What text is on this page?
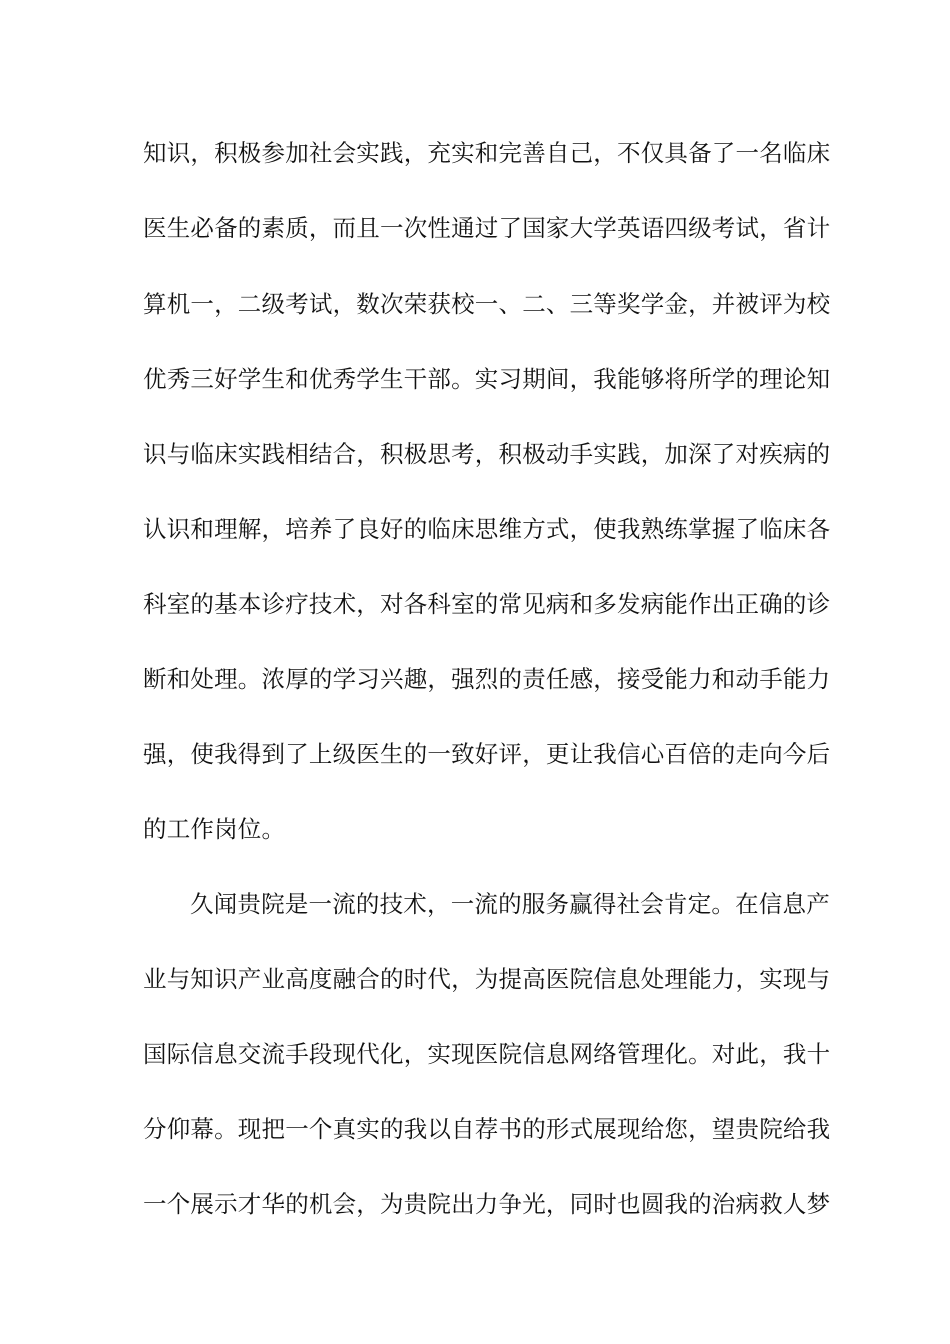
知识，积极参加社会实践，充实和完善自己，不仅具备了一名临床
医生必备的素质，而且一次性通过了国家大学英语四级考试，省计
算机一，二级考试，数次荣获校一、二、三等奖学金，并被评为校
优秀三好学生和优秀学生干部。实习期间，我能够将所学的理论知
识与临床实践相结合，积极思考，积极动手实践，加深了对疾病的
认识和理解，培养了良好的临床思维方式，使我熟练掌握了临床各
科室的基本诊疗技术，对各科室的常见病和多发病能作出正确的诊
断和处理。浓厚的学习兴趣，强烈的责任感，接受能力和动手能力
强，使我得到了上级医生的一致好评，更让我信心百倍的走向今后
的工作岗位。
久闻贵院是一流的技术，一流的服务赢得社会肯定。在信息产
业与知识产业高度融合的时代，为提高医院信息处理能力，实现与
国际信息交流手段现代化，实现医院信息网络管理化。对此，我十
分仰幕。现把一个真实的我以自荐书的形式展现给您，望贵院给我
一个展示才华的机会，为贵院出力争光，同时也圆我的治病救人梦
